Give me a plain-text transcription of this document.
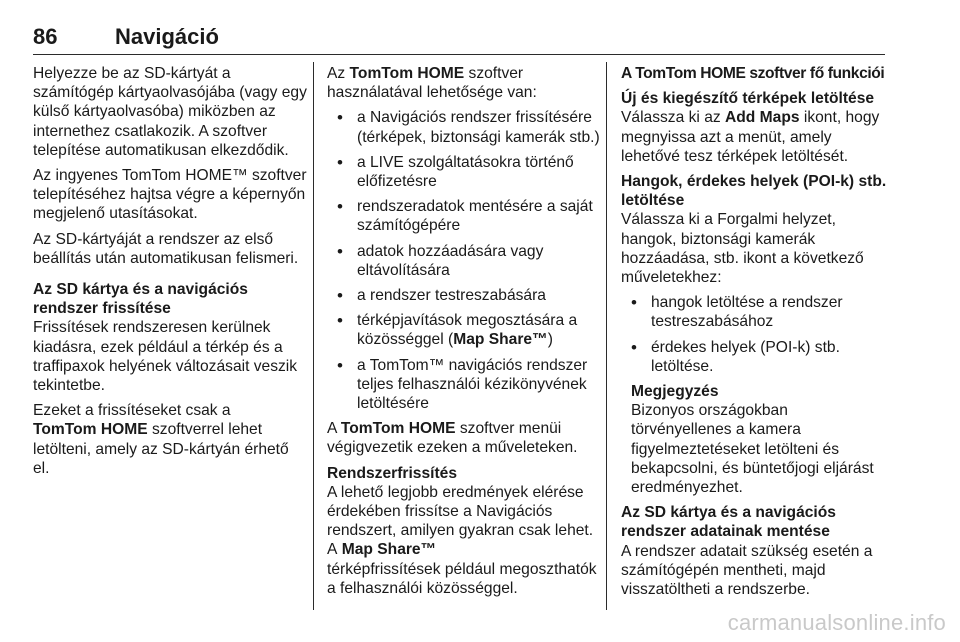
86	Navigáció

Helyezze be az SD-kártyát a számítógép kártyaolvasójába (vagy egy külső kártyaolvasóba) miközben az internethez csatlakozik. A szoftver telepítése automatikusan elkezdődik.

Az ingyenes TomTom HOME™ szoftver telepítéséhez hajtsa végre a képernyőn megjelenő utasításokat.

Az SD-kártyáját a rendszer az első beállítás után automatikusan felismeri.

Az SD kártya és a navigációs rendszer frissítése
Frissítések rendszeresen kerülnek kiadásra, ezek például a térkép és a traffipaxok helyének változásait veszik tekintetbe.

Ezeket a frissítéseket csak a
TomTom HOME szoftverrel lehet letölteni, amely az SD-kártyán érhető el.

Az TomTom HOME szoftver használatával lehetősége van:

• a Navigációs rendszer frissítésére (térképek, biztonsági kamerák stb.)
• a LIVE szolgáltatásokra történő előfizetésre
• rendszeradatok mentésére a saját számítógépére
• adatok hozzáadására vagy eltávolítására
• a rendszer testreszabására
• térképjavítások megosztására a közösséggel (Map Share™)
• a TomTom™ navigációs rendszer teljes felhasználói kézikönyvének letöltésére

A TomTom HOME szoftver menüi végigvezetik ezeken a műveleteken.

Rendszerfrissítés
A lehető legjobb eredmények elérése érdekében frissítse a Navigációs rendszert, amilyen gyakran csak lehet. A Map Share™
térképfrissítések például megoszthatók a felhasználói közösséggel.

A TomTom HOME szoftver fő funkciói

Új és kiegészítő térképek letöltése
Válassza ki az Add Maps ikont, hogy megnyissa azt a menüt, amely lehetővé tesz térképek letöltését.

Hangok, érdekes helyek (POI-k) stb. letöltése
Válassza ki a Forgalmi helyzet, hangok, biztonsági kamerák hozzáadása, stb. ikont a következő műveletekhez:

• hangok letöltése a rendszer testreszabásához
• érdekes helyek (POI-k) stb. letöltése.

Megjegyzés
Bizonyos országokban törvényellenes a kamera figyelmeztetéseket letölteni és bekapcsolni, és büntetőjogi eljárást eredményezhet.

Az SD kártya és a navigációs rendszer adatainak mentése
A rendszer adatait szükség esetén a számítógépén mentheti, majd visszatöltheti a rendszerbe.

carmanualsonline.info
